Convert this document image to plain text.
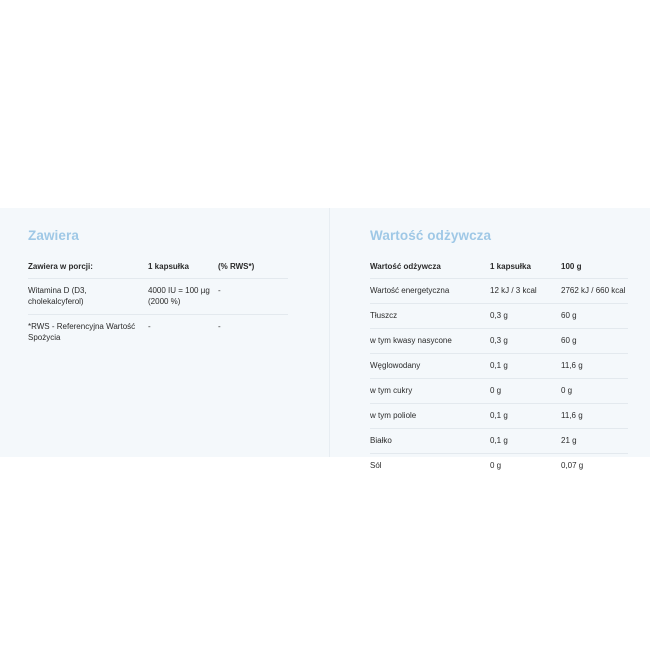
Zawiera
Zawiera w porcji:	1 kapsułka	(% RWS*)
Witamina D (D3, cholekalcyferol)	4000 IU = 100 µg (2000 %)	-
*RWS - Referencyjna Wartość Spożycia	-	-
Wartość odżywcza
Wartość odżywcza	1 kapsułka	100 g
Wartość energetyczna	12 kJ / 3 kcal	2762 kJ / 660 kcal
Tłuszcz	0,3 g	60 g
w tym kwasy nasycone	0,3 g	60 g
Węglowodany	0,1 g	11,6 g
w tym cukry	0 g	0 g
w tym poliole	0,1 g	11,6 g
Białko	0,1 g	21 g
Sól	0 g	0,07 g
